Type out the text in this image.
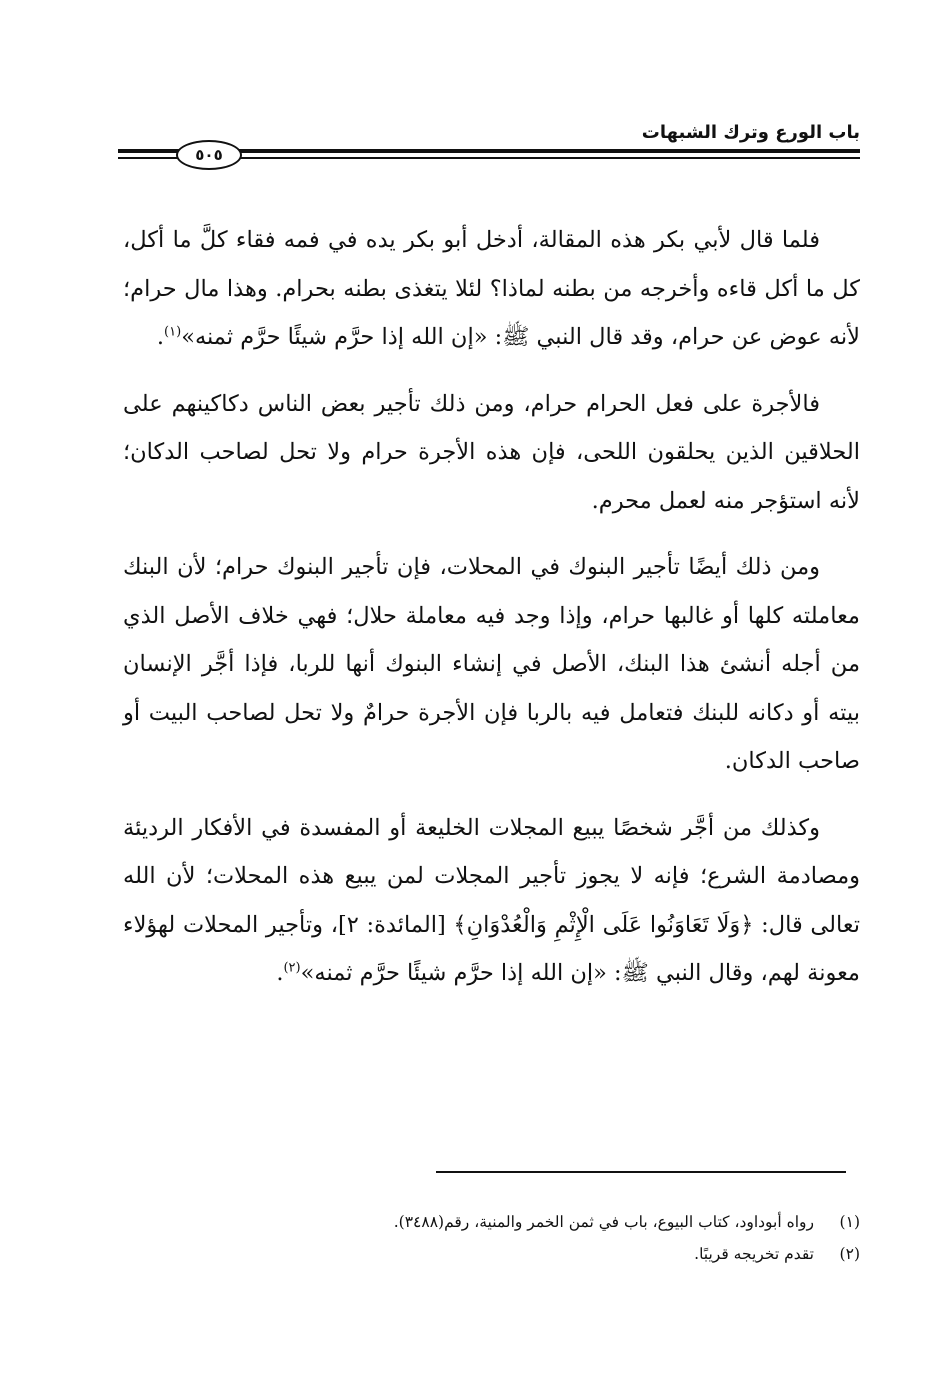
باب الورع وترك الشبهات
٥٠٥

فلما قال لأبي بكر هذه المقالة، أدخل أبو بكر يده في فمه فقاء كلَّ ما أكل، كل ما أكل قاءه وأخرجه من بطنه لماذا؟ لئلا يتغذى بطنه بحرام. وهذا مال حرام؛ لأنه عوض عن حرام، وقد قال النبي ﷺ: «إن الله إذا حرَّم شيئًا حرَّم ثمنه»$^{(١)}$.

فالأجرة على فعل الحرام حرام، ومن ذلك تأجير بعض الناس دكاكينهم على الحلاقين الذين يحلقون اللحى، فإن هذه الأجرة حرام ولا تحل لصاحب الدكان؛ لأنه استؤجر منه لعمل محرم.

ومن ذلك أيضًا تأجير البنوك في المحلات، فإن تأجير البنوك حرام؛ لأن البنك معاملته كلها أو غالبها حرام، وإذا وجد فيه معاملة حلال؛ فهي خلاف الأصل الذي من أجله أنشئ هذا البنك، الأصل في إنشاء البنوك أنها للربا، فإذا أجَّر الإنسان بيته أو دكانه للبنك فتعامل فيه بالربا فإن الأجرة حرامٌ ولا تحل لصاحب البيت أو صاحب الدكان.

وكذلك من أجَّر شخصًا يبيع المجلات الخليعة أو المفسدة في الأفكار الرديئة ومصادمة الشرع؛ فإنه لا يجوز تأجير المجلات لمن يبيع هذه المحلات؛ لأن الله تعالى قال: ﴿وَلَا تَعَاوَنُوا عَلَى الْإِثْمِ وَالْعُدْوَانِ﴾ [المائدة: ٢]، وتأجير المحلات لهؤلاء معونة لهم، وقال النبي ﷺ: «إن الله إذا حرَّم شيئًا حرَّم ثمنه»$^{(٢)}$.

(١)
رواه أبوداود، كتاب البيوع، باب في ثمن الخمر والمنية، رقم(٣٤٨٨).
(٢)
تقدم تخريجه قريبًا.
